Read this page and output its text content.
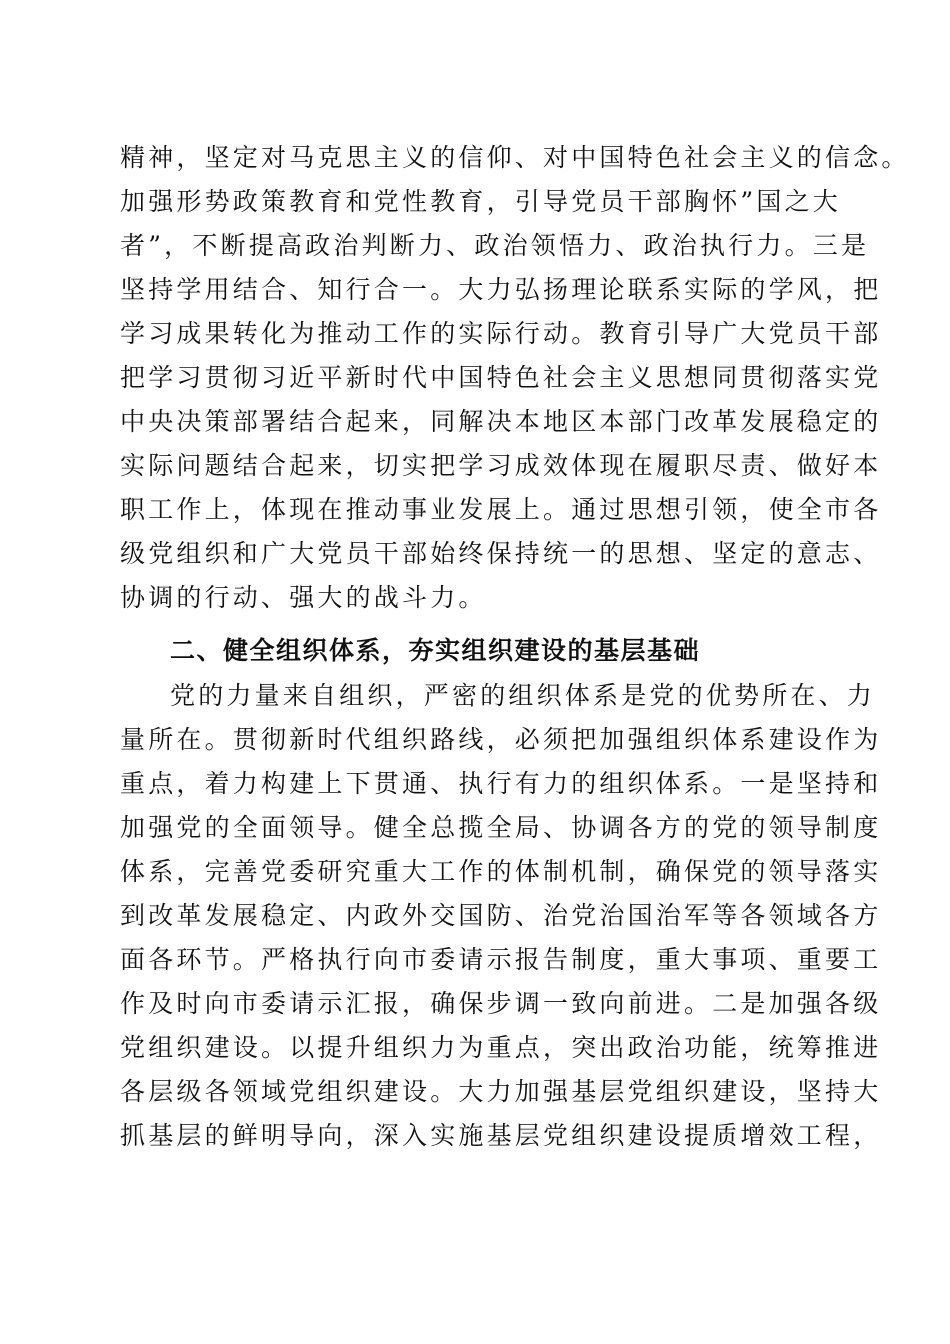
精神，坚定对马克思主义的信仰、对中国特色社会主义的信念。
加强形势政策教育和党性教育，引导党员干部胸怀”国之大
者”，不断提高政治判断力、政治领悟力、政治执行力。三是
坚持学用结合、知行合一。大力弘扬理论联系实际的学风，把
学习成果转化为推动工作的实际行动。教育引导广大党员干部
把学习贯彻习近平新时代中国特色社会主义思想同贯彻落实党
中央决策部署结合起来，同解决本地区本部门改革发展稳定的
实际问题结合起来，切实把学习成效体现在履职尽责、做好本
职工作上，体现在推动事业发展上。通过思想引领，使全市各
级党组织和广大党员干部始终保持统一的思想、坚定的意志、
协调的行动、强大的战斗力。
二、健全组织体系，夯实组织建设的基层基础
党的力量来自组织，严密的组织体系是党的优势所在、力
量所在。贯彻新时代组织路线，必须把加强组织体系建设作为
重点，着力构建上下贯通、执行有力的组织体系。一是坚持和
加强党的全面领导。健全总揽全局、协调各方的党的领导制度
体系，完善党委研究重大工作的体制机制，确保党的领导落实
到改革发展稳定、内政外交国防、治党治国治军等各领域各方
面各环节。严格执行向市委请示报告制度，重大事项、重要工
作及时向市委请示汇报，确保步调一致向前进。二是加强各级
党组织建设。以提升组织力为重点，突出政治功能，统筹推进
各层级各领域党组织建设。大力加强基层党组织建设，坚持大
抓基层的鲜明导向，深入实施基层党组织建设提质增效工程，
